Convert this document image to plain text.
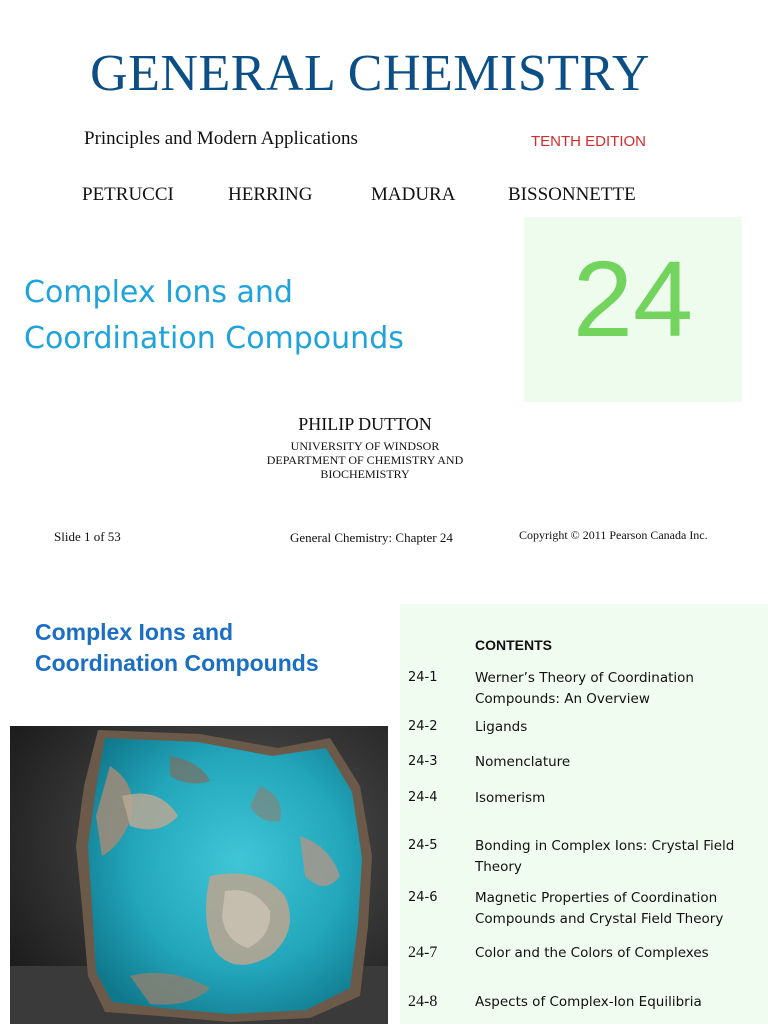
GENERAL CHEMISTRY
Principles and Modern Applications	TENTH EDITION
PETRUCCI	HERRING	MADURA	BISSONNETTE
24
Complex Ions and
Coordination Compounds
PHILIP DUTTON
UNIVERSITY OF WINDSOR
DEPARTMENT OF CHEMISTRY AND
BIOCHEMISTRY
Slide 1 of 53	General Chemistry: Chapter 24	Copyright © 2011 Pearson Canada Inc.
Complex Ions and
Coordination Compounds
CONTENTS
24-1	Werner’s Theory of Coordination Compounds: An Overview
24-2	Ligands
24-3	Nomenclature
24-4	Isomerism
24-5	Bonding in Complex Ions: Crystal Field Theory
24-6	Magnetic Properties of Coordination Compounds and Crystal Field Theory
24-7	Color and the Colors of Complexes
24-8	Aspects of Complex-Ion Equilibria
